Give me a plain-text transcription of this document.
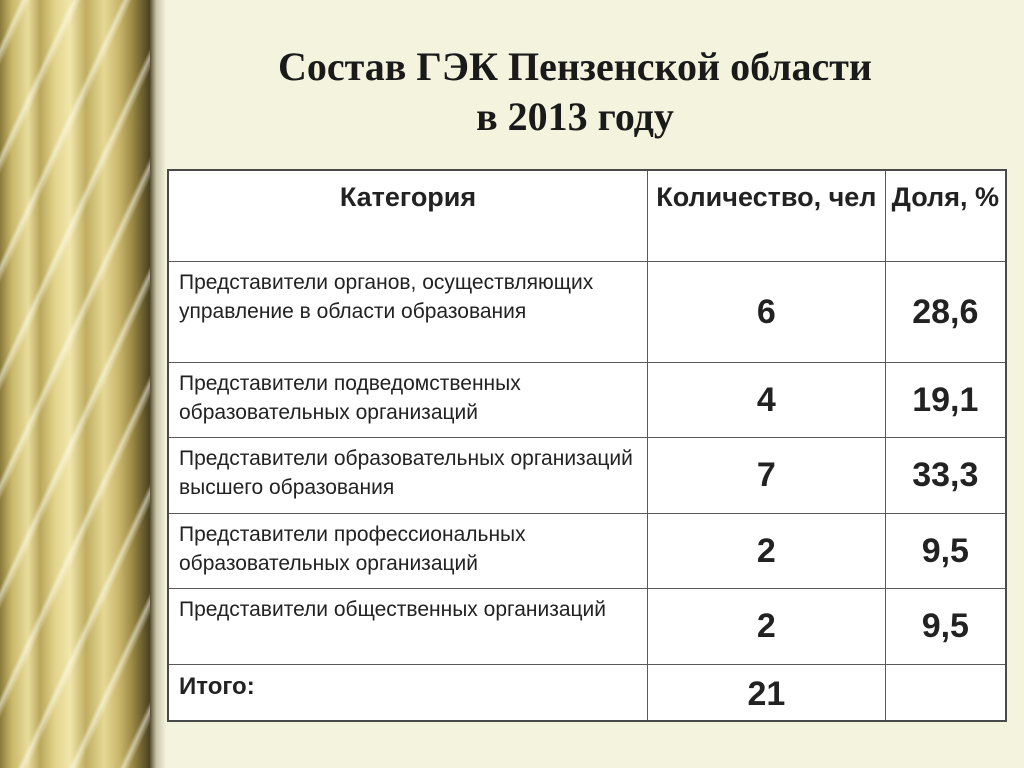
Состав ГЭК Пензенской области
в 2013 году
Категория	Количество, чел	Доля, %
Представители органов, осуществляющих управление в области образования	6	28,6
Представители подведомственных образовательных организаций	4	19,1
Представители образовательных организаций высшего образования	7	33,3
Представители профессиональных образовательных организаций	2	9,5
Представители общественных организаций	2	9,5
Итого:	21	
